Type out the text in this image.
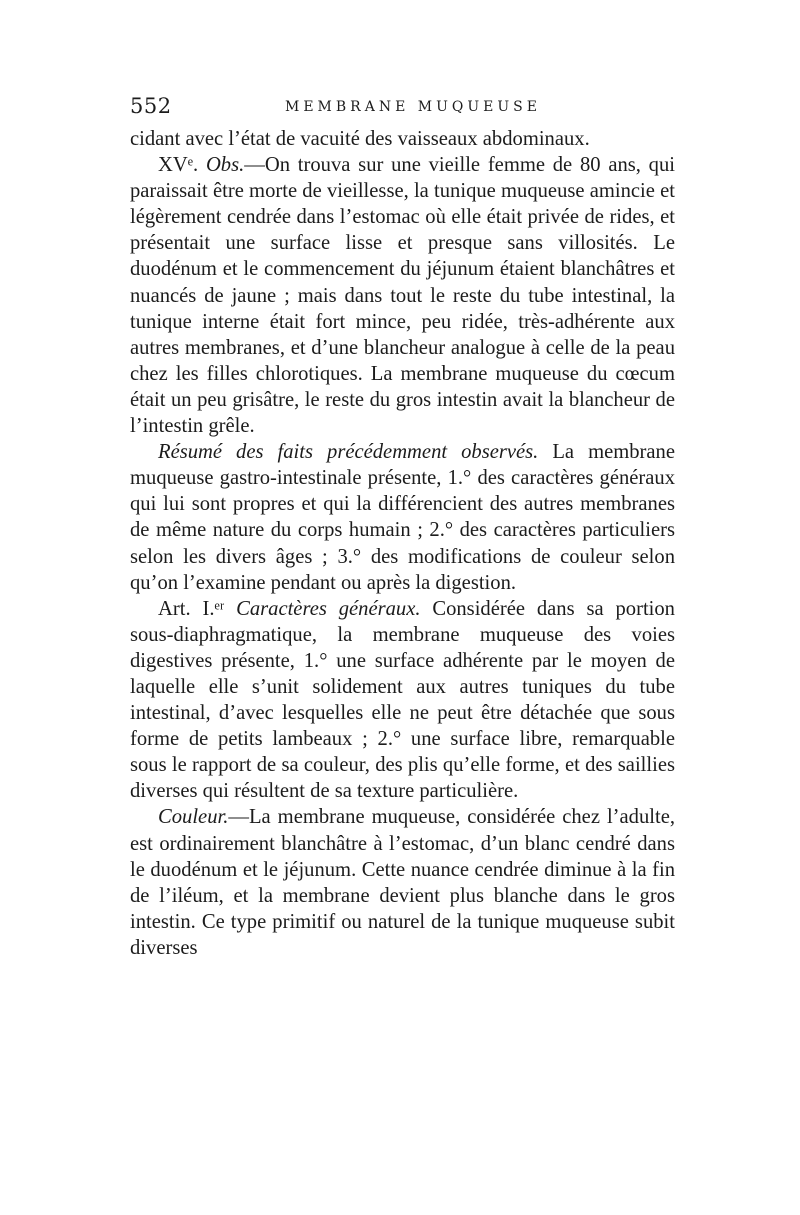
552	MEMBRANE MUQUEUSE

cidant avec l’état de vacuité des vaisseaux abdominaux.

XVᵉ. Obs.—On trouva sur une vieille femme de 80 ans, qui paraissait être morte de vieillesse, la tunique muqueuse amincie et légèrement cendrée dans l’estomac où elle était privée de rides, et présentait une surface lisse et presque sans villosités. Le duodénum et le commencement du jéjunum étaient blanchâtres et nuancés de jaune ; mais dans tout le reste du tube intestinal, la tunique interne était fort mince, peu ridée, très-adhérente aux autres membranes, et d’une blancheur analogue à celle de la peau chez les filles chlorotiques. La membrane muqueuse du cœcum était un peu grisâtre, le reste du gros intestin avait la blancheur de l’intestin grêle.

Résumé des faits précédemment observés. La membrane muqueuse gastro-intestinale présente, 1.° des caractères généraux qui lui sont propres et qui la différencient des autres membranes de même nature du corps humain ; 2.° des caractères particuliers selon les divers âges ; 3.° des modifications de couleur selon qu’on l’examine pendant ou après la digestion.

Art. I.ᵉʳ Caractères généraux. Considérée dans sa portion sous-diaphragmatique, la membrane muqueuse des voies digestives présente, 1.° une surface adhérente par le moyen de laquelle elle s’unit solidement aux autres tuniques du tube intestinal, d’avec lesquelles elle ne peut être détachée que sous forme de petits lambeaux ; 2.° une surface libre, remarquable sous le rapport de sa couleur, des plis qu’elle forme, et des saillies diverses qui résultent de sa texture particulière.

Couleur.—La membrane muqueuse, considérée chez l’adulte, est ordinairement blanchâtre à l’estomac, d’un blanc cendré dans le duodénum et le jéjunum. Cette nuance cendrée diminue à la fin de l’iléum, et la membrane devient plus blanche dans le gros intestin. Ce type primitif ou naturel de la tunique muqueuse subit diverses
